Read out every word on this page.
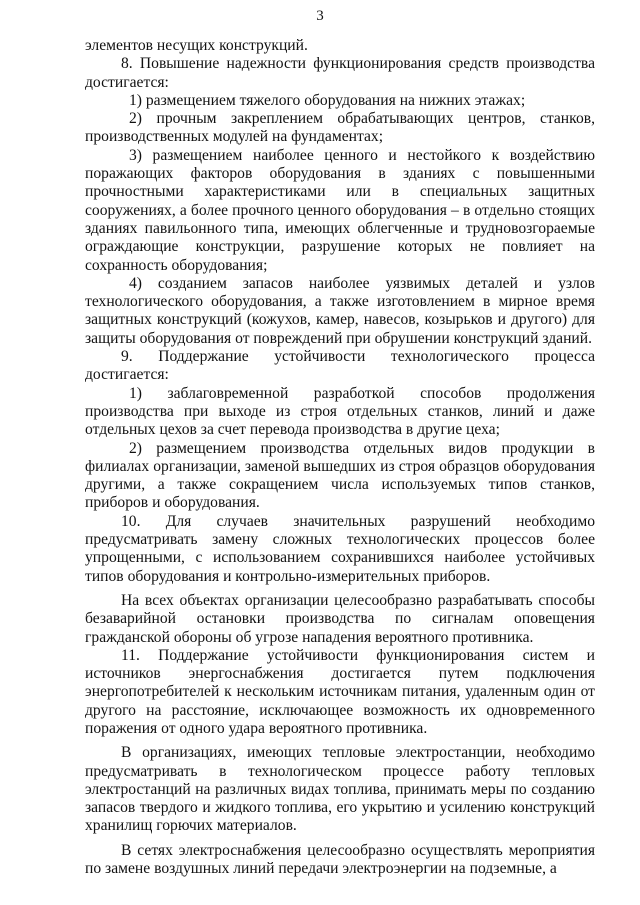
3

элементов несущих конструкций.

8. Повышение надежности функционирования средств производства достигается:

1) размещением тяжелого оборудования на нижних этажах;

2) прочным закреплением обрабатывающих центров, станков, производственных модулей на фундаментах;

3) размещением наиболее ценного и нестойкого к воздействию поражающих факторов оборудования в зданиях с повышенными прочностными характеристиками или в специальных защитных сооружениях, а более прочного ценного оборудования – в отдельно стоящих зданиях павильонного типа, имеющих облегченные и трудновозгораемые ограждающие конструкции, разрушение которых не повлияет на сохранность оборудования;

4) созданием запасов наиболее уязвимых деталей и узлов технологического оборудования, а также изготовлением в мирное время защитных конструкций (кожухов, камер, навесов, козырьков и другого) для защиты оборудования от повреждений при обрушении конструкций зданий.

9. Поддержание устойчивости технологического процесса достигается:

1) заблаговременной разработкой способов продолжения производства при выходе из строя отдельных станков, линий и даже отдельных цехов за счет перевода производства в другие цеха;

2) размещением производства отдельных видов продукции в филиалах организации, заменой вышедших из строя образцов оборудования другими, а также сокращением числа используемых типов станков, приборов и оборудования.

10. Для случаев значительных разрушений необходимо предусматривать замену сложных технологических процессов более упрощенными, с использованием сохранившихся наиболее устойчивых типов оборудования и контрольно-измерительных приборов.

На всех объектах организации целесообразно разрабатывать способы безаварийной остановки производства по сигналам оповещения гражданской обороны об угрозе нападения вероятного противника.

11. Поддержание устойчивости функционирования систем и источников энергоснабжения достигается путем подключения энергопотребителей к нескольким источникам питания, удаленным один от другого на расстояние, исключающее возможность их одновременного поражения от одного удара вероятного противника.

В организациях, имеющих тепловые электростанции, необходимо предусматривать в технологическом процессе работу тепловых электростанций на различных видах топлива, принимать меры по созданию запасов твердого и жидкого топлива, его укрытию и усилению конструкций хранилищ горючих материалов.

В сетях электроснабжения целесообразно осуществлять мероприятия по замене воздушных линий передачи электроэнергии на подземные, а
